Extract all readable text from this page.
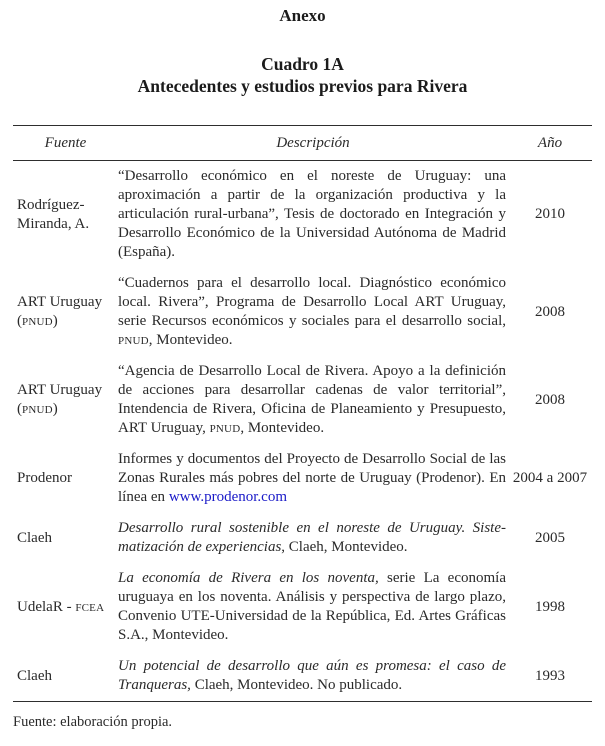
Anexo
Cuadro 1A
Antecedentes y estudios previos para Rivera
Fuente	Descripción	Año
Rodríguez-Miranda, A.	“Desarrollo económico en el noreste de Uruguay: una aproximación a partir de la organización productiva y la articulación rural-urbana”, Tesis de doctorado en Integración y Desarrollo Económico de la Universidad Autónoma de Madrid (España).	2010
ART Uruguay (pnud)	“Cuadernos para el desarrollo local. Diagnóstico económico local. Rivera”, Programa de Desarrollo Local ART Uruguay, serie Recursos económicos y sociales para el desarrollo social, pnud, Montevideo.	2008
ART Uruguay (pnud)	“Agencia de Desarrollo Local de Rivera. Apoyo a la definición de acciones para desarrollar cadenas de valor territorial”, Intendencia de Rivera, Oficina de Planeamiento y Presupuesto, ART Uruguay, pnud, Montevideo.	2008
Prodenor	Informes y documentos del Proyecto de Desarrollo Social de las Zonas Rurales más pobres del norte de Uruguay (Prodenor). En línea en www.prodenor.com	2004 a 2007
Claeh	Desarrollo rural sostenible en el noreste de Uruguay. Sistematización de experiencias, Claeh, Montevideo.	2005
UdelaR - fcea	La economía de Rivera en los noventa, serie La economía uruguaya en los noventa. Análisis y perspectiva de largo plazo, Convenio UTE-Universidad de la República, Ed. Artes Gráficas S.A., Montevideo.	1998
Claeh	Un potencial de desarrollo que aún es promesa: el caso de Tranqueras, Claeh, Montevideo. No publicado.	1993
Fuente: elaboración propia.
